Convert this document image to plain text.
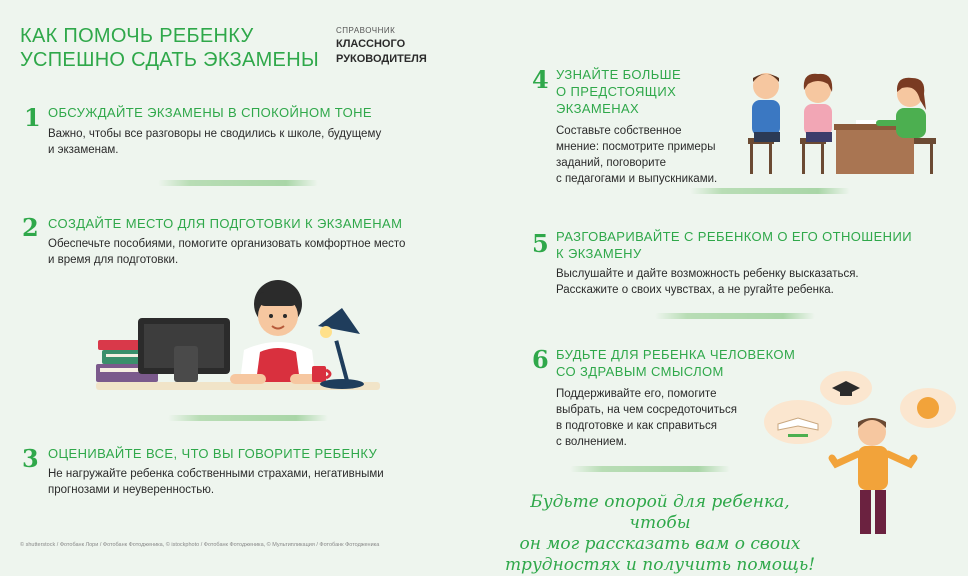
КАК ПОМОЧЬ РЕБЕНКУ
УСПЕШНО СДАТЬ ЭКЗАМЕНЫ
СПРАВОЧНИК
КЛАССНОГО
РУКОВОДИТЕЛЯ
1 ОБСУЖДАЙТЕ ЭКЗАМЕНЫ В СПОКОЙНОМ ТОНЕ
Важно, чтобы все разговоры не сводились к школе, будущему
и экзаменам.
2 СОЗДАЙТЕ МЕСТО ДЛЯ ПОДГОТОВКИ К ЭКЗАМЕНАМ
Обеспечьте пособиями, помогите организовать комфортное место
и время для подготовки.
3 ОЦЕНИВАЙТЕ ВСЕ, ЧТО ВЫ ГОВОРИТЕ РЕБЕНКУ
Не нагружайте ребенка собственными страхами, негативными
прогнозами и неуверенностью.
© shutterstock / Фотобанк Лори / Фотобанк Фотодженика, © istockphoto / Фотобанк Фотодженика, © Мультипликация / Фотобанк Фотодженика
4 УЗНАЙТЕ БОЛЬШЕ
О ПРЕДСТОЯЩИХ
ЭКЗАМЕНАХ
Составьте собственное
мнение: посмотрите примеры
заданий, поговорите
с педагогами и выпускниками.
5 РАЗГОВАРИВАЙТЕ С РЕБЕНКОМ О ЕГО ОТНОШЕНИИ
К ЭКЗАМЕНУ
Выслушайте и дайте возможность ребенку высказаться.
Расскажите о своих чувствах, а не ругайте ребенка.
6 БУДЬТЕ ДЛЯ РЕБЕНКА ЧЕЛОВЕКОМ
СО ЗДРАВЫМ СМЫСЛОМ
Поддерживайте его, помогите
выбрать, на чем сосредоточиться
в подготовке и как справиться
с волнением.
Будьте опорой для ребенка, чтобы
он мог рассказать вам о своих
трудностях и получить помощь!
